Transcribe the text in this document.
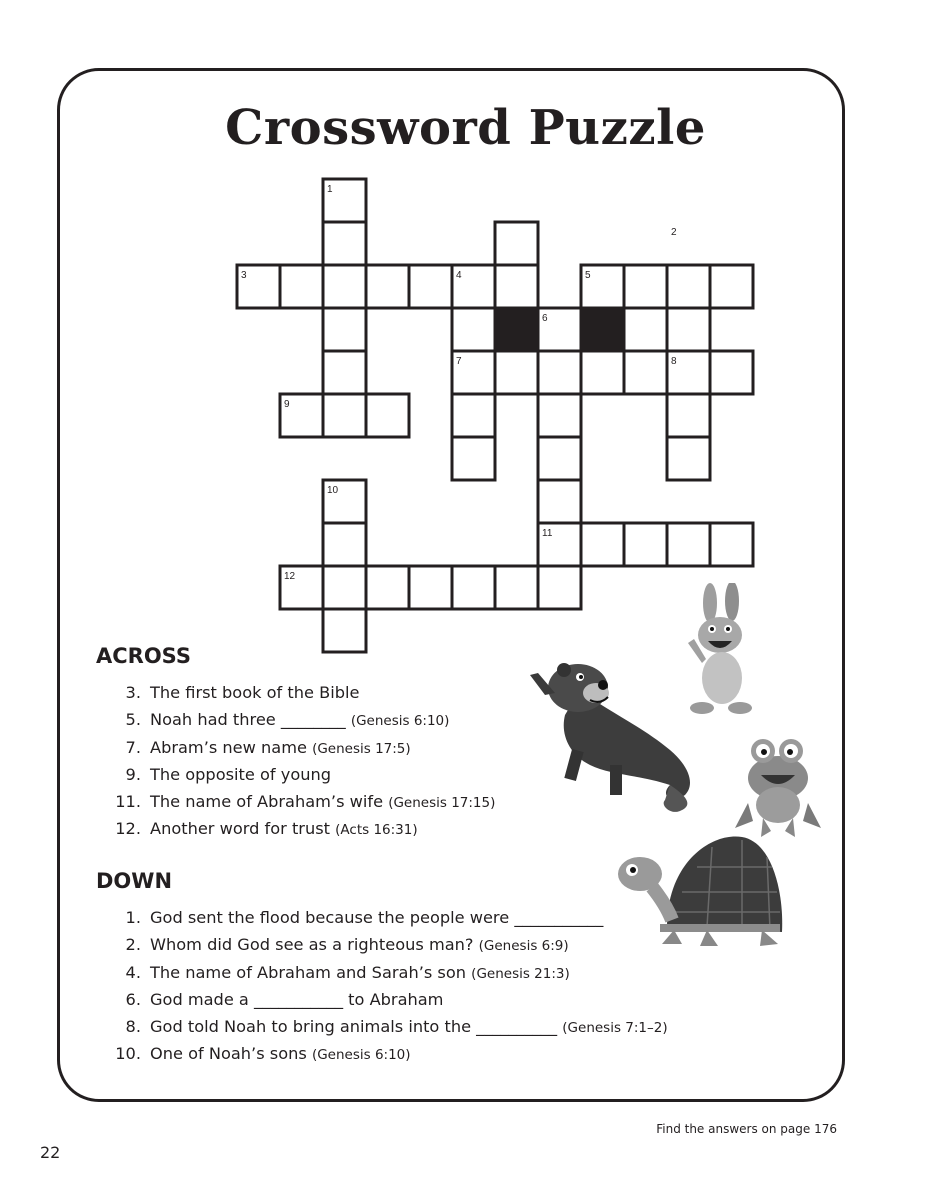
Crossword Puzzle
1
2
3	4	5
6
7	8
9
10
11
12
ACROSS
3. The first book of the Bible
5. Noah had three ________ (Genesis 6:10)
7. Abram’s new name (Genesis 17:5)
9. The opposite of young
11. The name of Abraham’s wife (Genesis 17:15)
12. Another word for trust (Acts 16:31)
DOWN
1. God sent the flood because the people were ___________
2. Whom did God see as a righteous man? (Genesis 6:9)
4. The name of Abraham and Sarah’s son (Genesis 21:3)
6. God made a ___________ to Abraham
8. God told Noah to bring animals into the __________ (Genesis 7:1–2)
10. One of Noah’s sons (Genesis 6:10)
Find the answers on page 176
22
